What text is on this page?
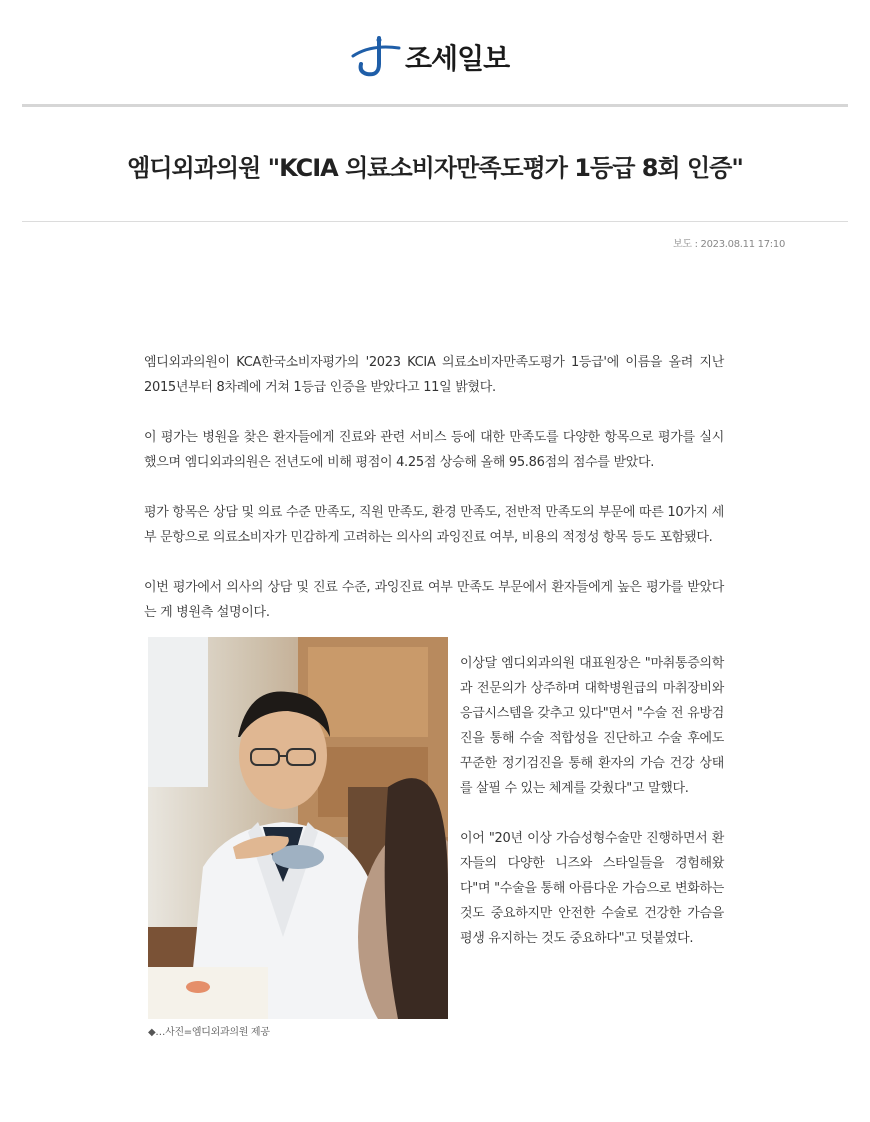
조세일보
엠디외과의원 "KCIA 의료소비자만족도평가 1등급 8회 인증"
보도 : 2023.08.11 17:10

엠디외과의원이 KCA한국소비자평가의 '2023 KCIA 의료소비자만족도평가 1등급'에 이름을 올려 지난 2015년부터 8차례에 거쳐 1등급 인증을 받았다고 11일 밝혔다.

이 평가는 병원을 찾은 환자들에게 진료와 관련 서비스 등에 대한 만족도를 다양한 항목으로 평가를 실시했으며 엠디외과의원은 전년도에 비해 평점이 4.25점 상승해 올해 95.86점의 점수를 받았다.

평가 항목은 상담 및 의료 수준 만족도, 직원 만족도, 환경 만족도, 전반적 만족도의 부문에 따른 10가지 세부 문항으로 의료소비자가 민감하게 고려하는 의사의 과잉진료 여부, 비용의 적정성 항목 등도 포함됐다.

이번 평가에서 의사의 상담 및 진료 수준, 과잉진료 여부 만족도 부문에서 환자들에게 높은 평가를 받았다는 게 병원측 설명이다.

◆…사진=엠디외과의원 제공

이상달 엠디외과의원 대표원장은 "마취통증의학과 전문의가 상주하며 대학병원급의 마취장비와 응급시스템을 갖추고 있다"면서 "수술 전 유방검진을 통해 수술 적합성을 진단하고 수술 후에도 꾸준한 정기검진을 통해 환자의 가슴 건강 상태를 살필 수 있는 체계를 갖췄다"고 말했다.

이어 "20년 이상 가슴성형수술만 진행하면서 환자들의 다양한 니즈와 스타일들을 경험해왔다"며 "수술을 통해 아름다운 가슴으로 변화하는 것도 중요하지만 안전한 수술로 건강한 가슴을 평생 유지하는 것도 중요하다"고 덧붙였다.
